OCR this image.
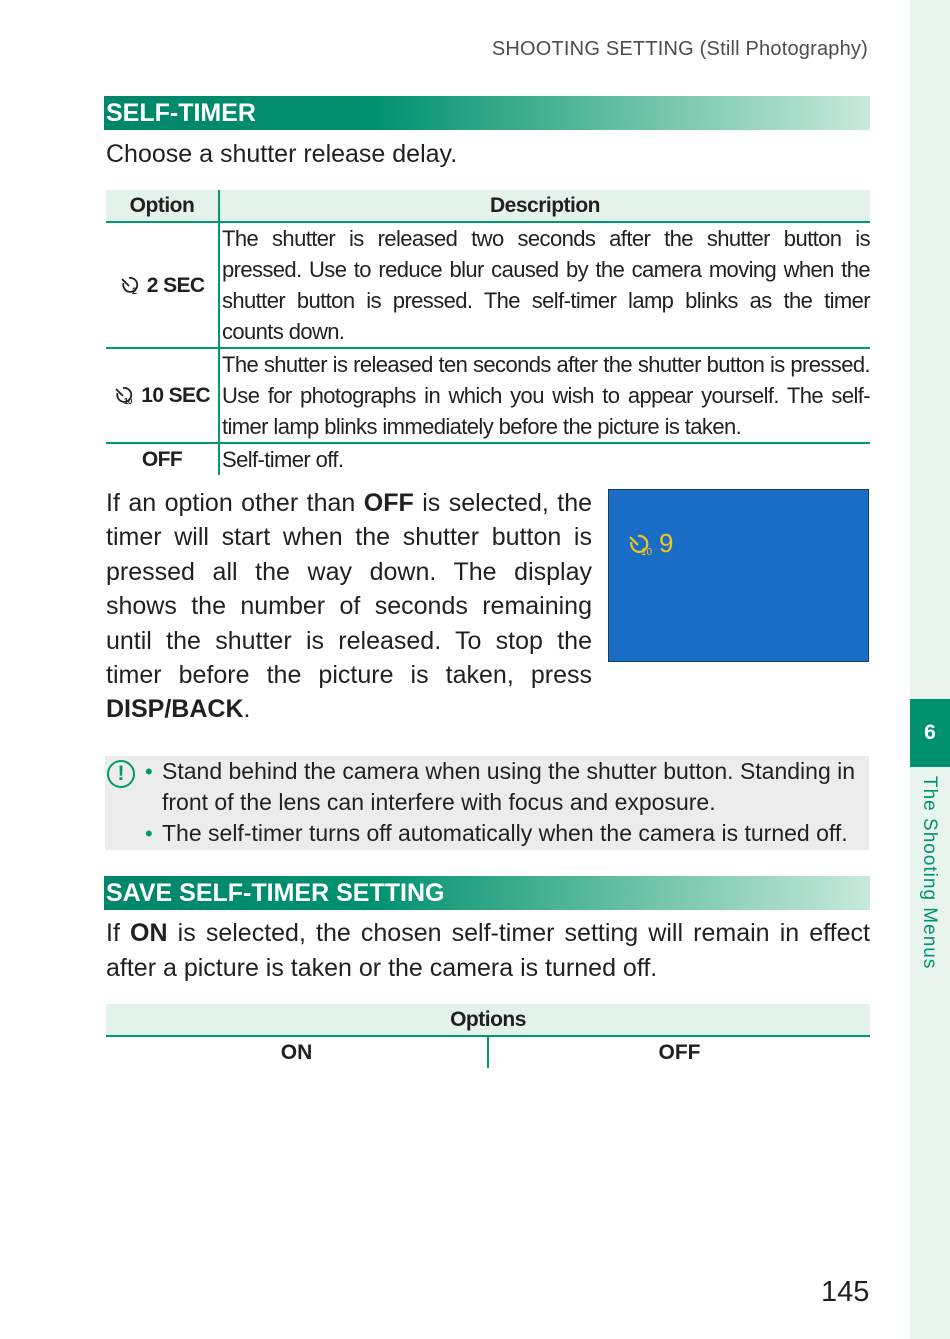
SHOOTING SETTING (Still Photography)
SELF-TIMER
Choose a shutter release delay.
Option	Description

2 2 SEC	The shutter is released two seconds after the shutter button is pressed. Use to reduce blur caused by the camera moving when the shutter button is pressed. The self-timer lamp blinks as the timer counts down.

10 10 SEC	The shutter is released ten seconds after the shutter button is pressed. Use for photographs in which you wish to appear yourself. The self-timer lamp blinks immediately before the picture is taken.
OFF	Self-timer off.
If an option other than OFF is selected, the timer will start when the shutter button is pressed all the way down. The display shows the number of seconds remaining until the shutter is released. To stop the timer before the picture is taken, press DISP/BACK.
10 9
!	• Stand behind the camera when using the shutter button. Standing in front of the lens can interfere with focus and exposure.
• The self-timer turns off automatically when the camera is turned off.
SAVE SELF-TIMER SETTING
If ON is selected, the chosen self-timer setting will remain in effect after a picture is taken or the camera is turned off.
Options
ON	OFF
6
The Shooting Menus
145
